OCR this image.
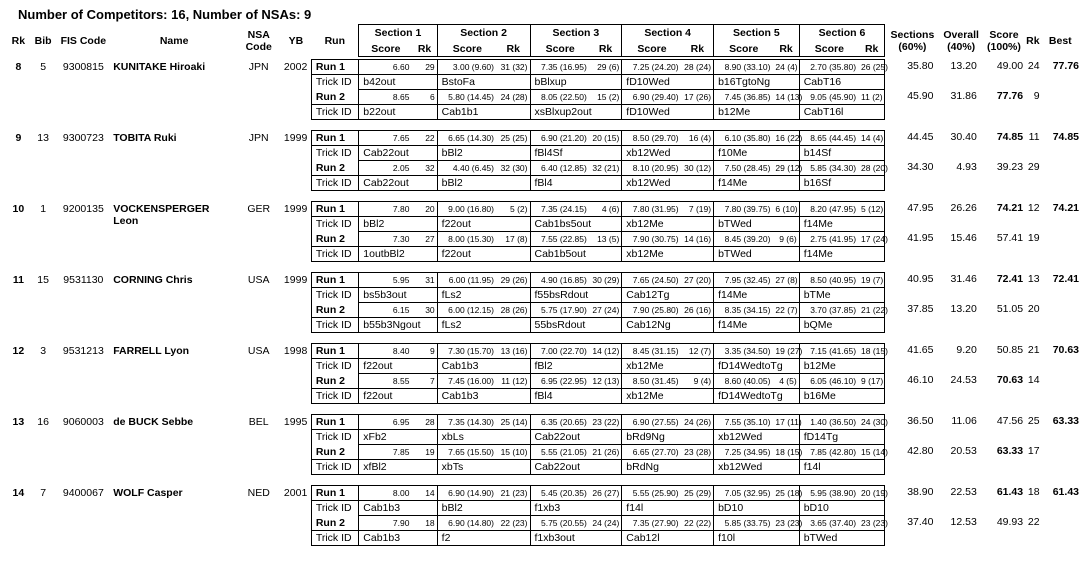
Number of Competitors: 16, Number of NSAs: 9
Rk	Bib	FIS Code	Name	NSA
Code	YB	Run	Section 1		Section 2		Section 3		Section 4		Section 5		Section 6		Sections
(60%)	Overall
(40%)	Score
(100%)	Rk	Best
							Score	Rk	Score	Rk	Score	Rk	Score	Rk	Score	Rk	Score	Rk					

8	5	9300815	KUNITAKE Hiroaki	JPN	2002	Run 1	6.60	29	3.00 (9.60)	31 (32)	7.35 (16.95)	29 (6)	7.25 (24.20)	28 (24)	8.90 (33.10)	24 (4)	2.70 (35.80)	26 (25)	35.80	13.20	49.00	24	77.76
						Trick ID	b42out		BstoFa		bBlxup		fD10Wed		b16TgtoNg		CabT16						
						Run 2	8.65	6	5.80 (14.45)	24 (28)	8.05 (22.50)	15 (2)	6.90 (29.40)	17 (26)	7.45 (36.85)	14 (13)	9.05 (45.90)	11 (2)	45.90	31.86	77.76	9	
						Trick ID	b22out		Cab1b1		xsBlxup2out		fD10Wed		b12Me		CabT16l						

9	13	9300723	TOBITA Ruki	JPN	1999	Run 1	7.65	22	6.65 (14.30)	25 (25)	6.90 (21.20)	20 (15)	8.50 (29.70)	16 (4)	6.10 (35.80)	16 (22)	8.65 (44.45)	14 (4)	44.45	30.40	74.85	11	74.85
						Trick ID	Cab22out		bBl2		fBl4Sf		xb12Wed		f10Me		b14Sf						
						Run 2	2.05	32	4.40 (6.45)	32 (30)	6.40 (12.85)	32 (21)	8.10 (20.95)	30 (12)	7.50 (28.45)	29 (12)	5.85 (34.30)	28 (20)	34.30	4.93	39.23	29	
						Trick ID	Cab22out		bBl2		fBl4		xb12Wed		f14Me		b16Sf						

10	1	9200135	VOCKENSPERGER Leon	GER	1999	Run 1	7.80	20	9.00 (16.80)	5 (2)	7.35 (24.15)	4 (6)	7.80 (31.95)	7 (19)	7.80 (39.75)	6 (10)	8.20 (47.95)	5 (12)	47.95	26.26	74.21	12	74.21
						Trick ID	bBl2		f22out		Cab1bs5out		xb12Me		bTWed		f14Me						
						Run 2	7.30	27	8.00 (15.30)	17 (8)	7.55 (22.85)	13 (5)	7.90 (30.75)	14 (16)	8.45 (39.20)	9 (6)	2.75 (41.95)	17 (24)	41.95	15.46	57.41	19	
						Trick ID	1outbBl2		f22out		Cab1b5out		xb12Me		bTWed		f14Me						

11	15	9531130	CORNING Chris	USA	1999	Run 1	5.95	31	6.00 (11.95)	29 (26)	4.90 (16.85)	30 (29)	7.65 (24.50)	27 (20)	7.95 (32.45)	27 (8)	8.50 (40.95)	19 (7)	40.95	31.46	72.41	13	72.41
						Trick ID	bs5b3out		fLs2		f55bsRdout		Cab12Tg		f14Me		bTMe						
						Run 2	6.15	30	6.00 (12.15)	28 (26)	5.75 (17.90)	27 (24)	7.90 (25.80)	26 (16)	8.35 (34.15)	22 (7)	3.70 (37.85)	21 (22)	37.85	13.20	51.05	20	
						Trick ID	b55b3Ngout		fLs2		55bsRdout		Cab12Ng		f14Me		bQMe						

12	3	9531213	FARRELL Lyon	USA	1998	Run 1	8.40	9	7.30 (15.70)	13 (16)	7.00 (22.70)	14 (12)	8.45 (31.15)	12 (7)	3.35 (34.50)	19 (27)	7.15 (41.65)	18 (15)	41.65	9.20	50.85	21	70.63
						Trick ID	f22out		Cab1b3		fBl2		xb12Me		fD14WedtoTg		b12Me						
						Run 2	8.55	7	7.45 (16.00)	11 (12)	6.95 (22.95)	12 (13)	8.50 (31.45)	9 (4)	8.60 (40.05)	4 (5)	6.05 (46.10)	9 (17)	46.10	24.53	70.63	14	
						Trick ID	f22out		Cab1b3		fBl4		xb12Me		fD14WedtoTg		b16Me						

13	16	9060003	de BUCK Sebbe	BEL	1995	Run 1	6.95	28	7.35 (14.30)	25 (14)	6.35 (20.65)	23 (22)	6.90 (27.55)	24 (26)	7.55 (35.10)	17 (11)	1.40 (36.50)	24 (30)	36.50	11.06	47.56	25	63.33
						Trick ID	xFb2		xbLs		Cab22out		bRd9Ng		xb12Wed		fD14Tg						
						Run 2	7.85	19	7.65 (15.50)	15 (10)	5.55 (21.05)	21 (26)	6.65 (27.70)	23 (28)	7.25 (34.95)	18 (15)	7.85 (42.80)	15 (14)	42.80	20.53	63.33	17	
						Trick ID	xfBl2		xbTs		Cab22out		bRdNg		xb12Wed		f14l						

14	7	9400067	WOLF Casper	NED	2001	Run 1	8.00	14	6.90 (14.90)	21 (23)	5.45 (20.35)	26 (27)	5.55 (25.90)	25 (29)	7.05 (32.95)	25 (18)	5.95 (38.90)	20 (19)	38.90	22.53	61.43	18	61.43
						Trick ID	Cab1b3		bBl2		f1xb3		f14l		bD10		bD10						
						Run 2	7.90	18	6.90 (14.80)	22 (23)	5.75 (20.55)	24 (24)	7.35 (27.90)	22 (22)	5.85 (33.75)	23 (23)	3.65 (37.40)	23 (23)	37.40	12.53	49.93	22	
						Trick ID	Cab1b3		f2		f1xb3out		Cab12l		f10l		bTWed						
